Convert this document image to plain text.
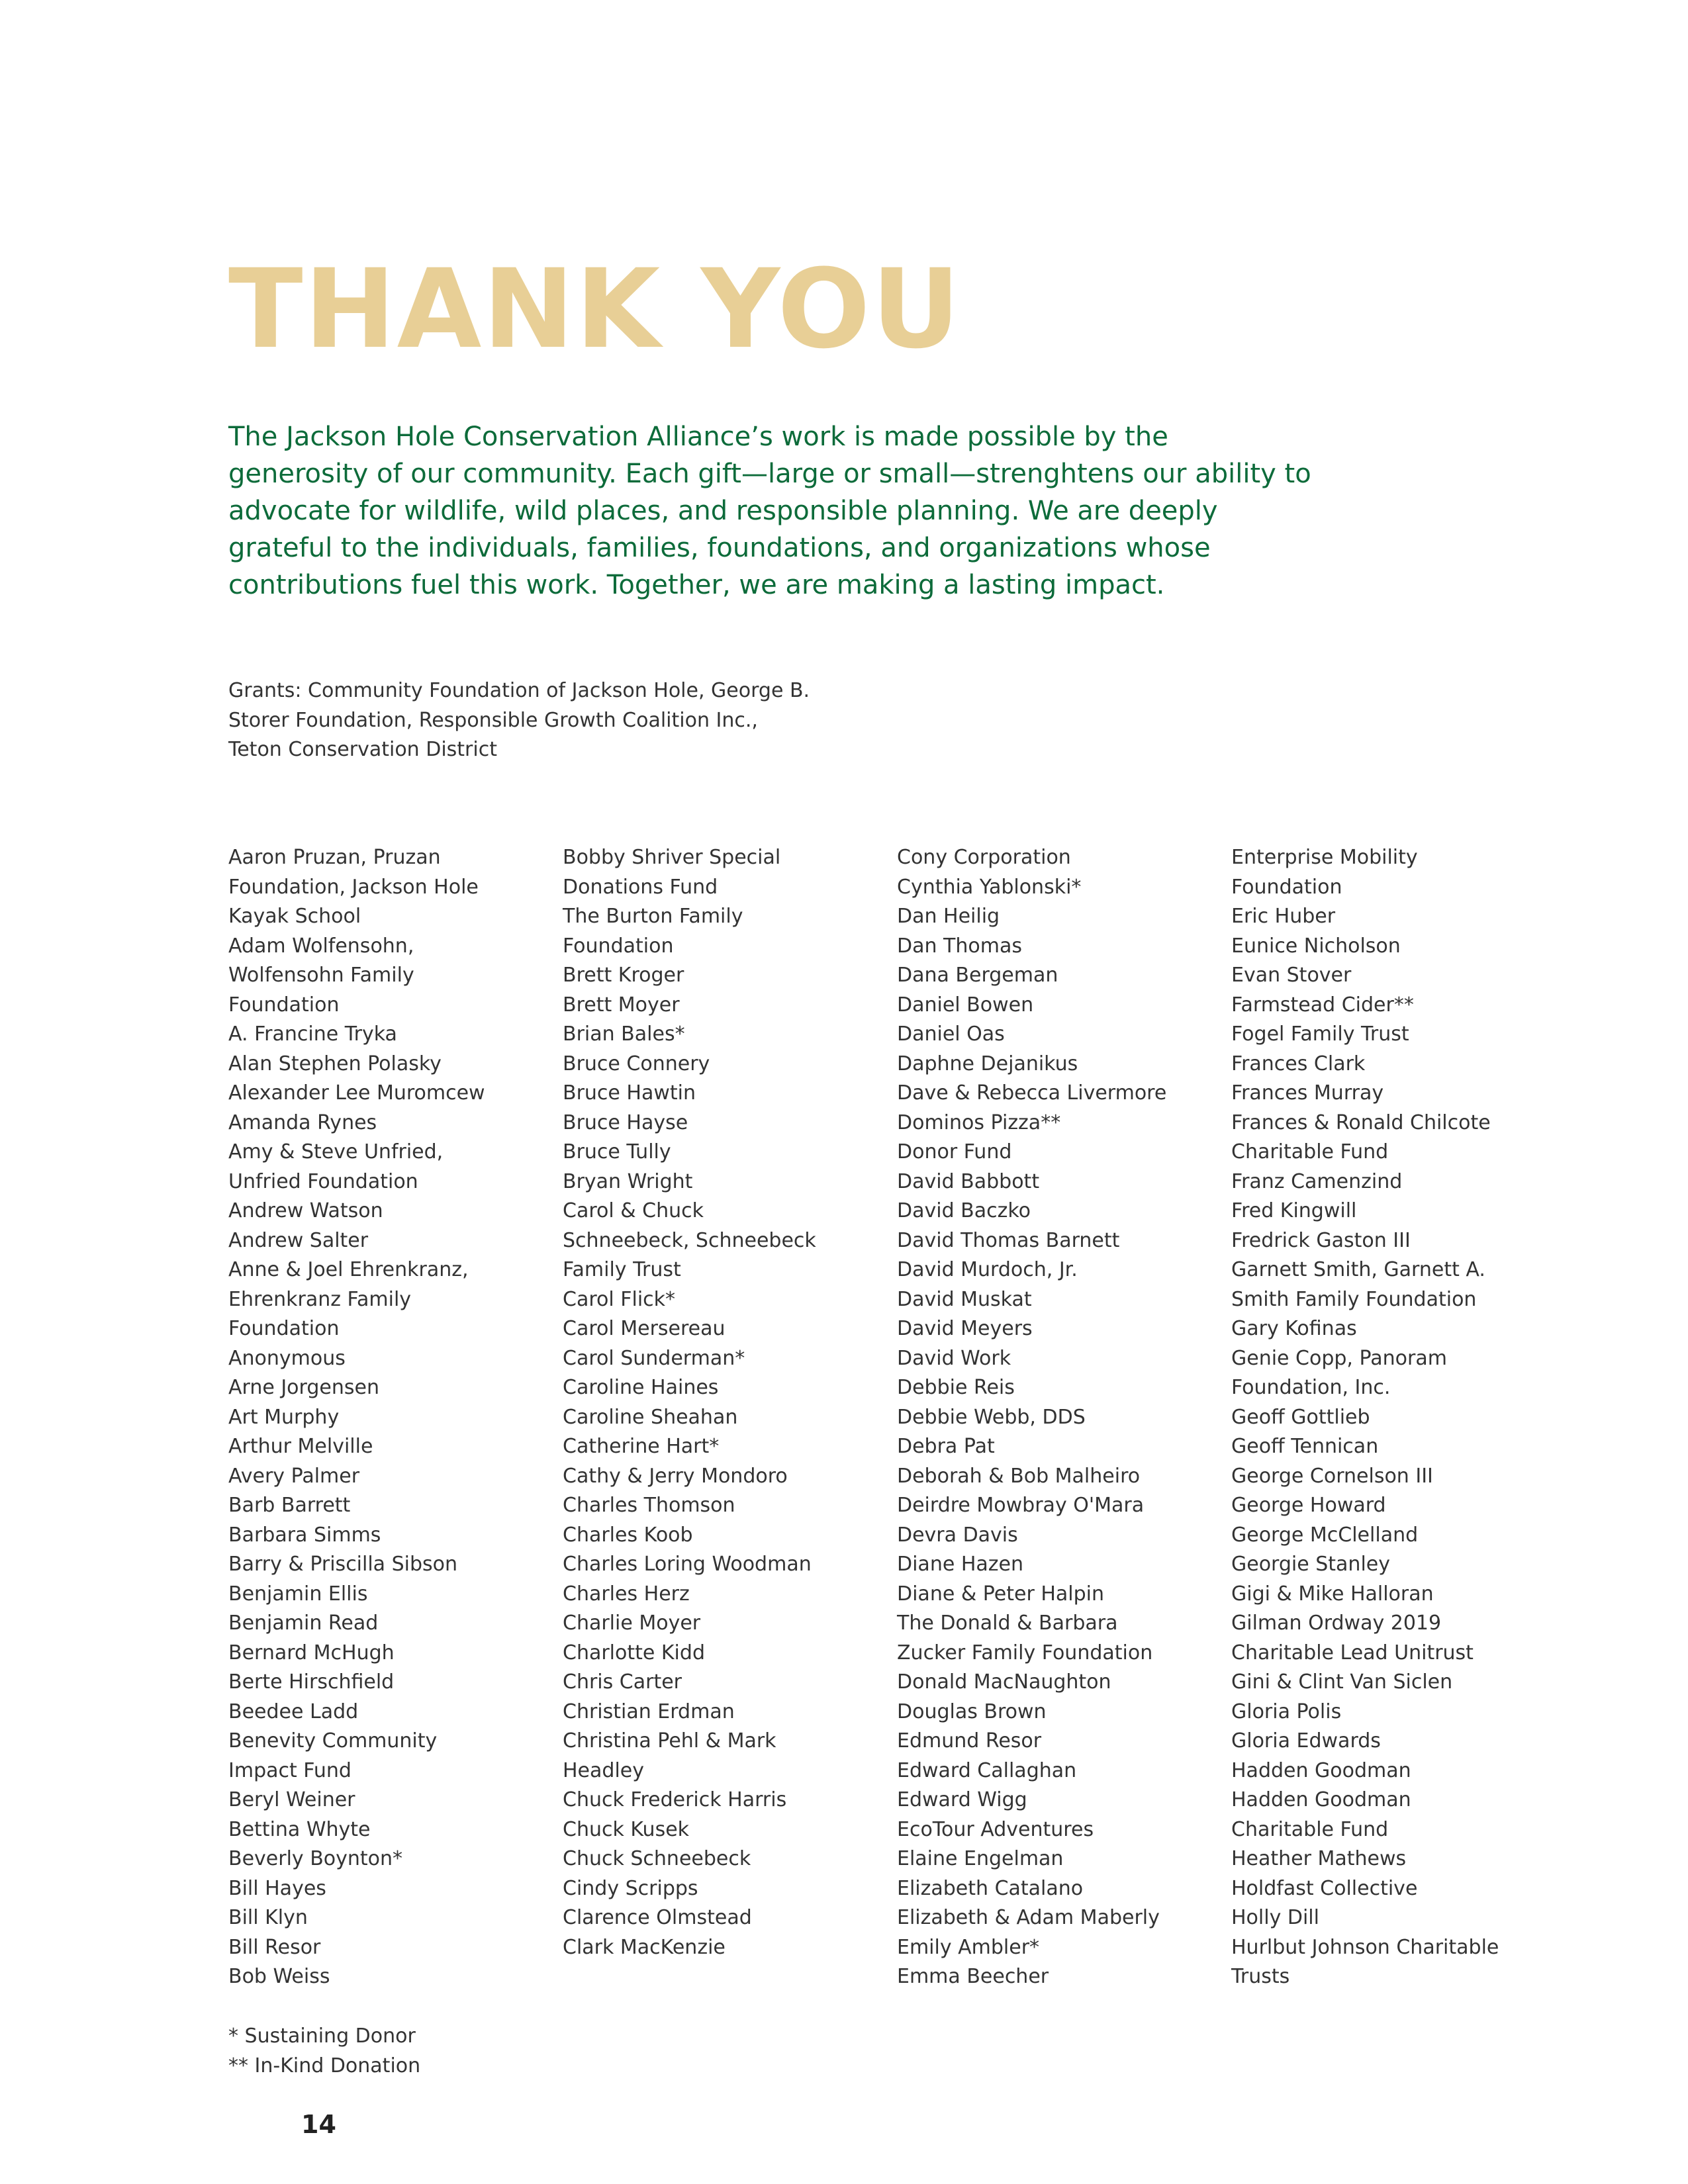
THANK YOU

The Jackson Hole Conservation Alliance’s work is made possible by the generosity of our community. Each gift—large or small—strenghtens our ability to advocate for wildlife, wild places, and responsible planning. We are deeply grateful to the individuals, families, foundations, and organizations whose contributions fuel this work. Together, we are making a lasting impact.

Grants: Community Foundation of Jackson Hole, George B.
Storer Foundation, Responsible Growth Coalition Inc.,
Teton Conservation District

Aaron Pruzan, Pruzan
Foundation, Jackson Hole
Kayak School
Adam Wolfensohn,
Wolfensohn Family
Foundation
A. Francine Tryka
Alan Stephen Polasky
Alexander Lee Muromcew
Amanda Rynes
Amy & Steve Unfried,
Unfried Foundation
Andrew Watson
Andrew Salter
Anne & Joel Ehrenkranz,
Ehrenkranz Family
Foundation
Anonymous
Arne Jorgensen
Art Murphy
Arthur Melville
Avery Palmer
Barb Barrett
Barbara Simms
Barry & Priscilla Sibson
Benjamin Ellis
Benjamin Read
Bernard McHugh
Berte Hirschfield
Beedee Ladd
Benevity Community
Impact Fund
Beryl Weiner
Bettina Whyte
Beverly Boynton*
Bill Hayes
Bill Klyn
Bill Resor
Bob Weiss
Bobby Shriver Special
Donations Fund
The Burton Family
Foundation
Brett Kroger
Brett Moyer
Brian Bales*
Bruce Connery
Bruce Hawtin
Bruce Hayse
Bruce Tully
Bryan Wright
Carol & Chuck
Schneebeck, Schneebeck
Family Trust
Carol Flick*
Carol Mersereau
Carol Sunderman*
Caroline Haines
Caroline Sheahan
Catherine Hart*
Cathy & Jerry Mondoro
Charles Thomson
Charles Koob
Charles Loring Woodman
Charles Herz
Charlie Moyer
Charlotte Kidd
Chris Carter
Christian Erdman
Christina Pehl & Mark
Headley
Chuck Frederick Harris
Chuck Kusek
Chuck Schneebeck
Cindy Scripps
Clarence Olmstead
Clark MacKenzie
Cony Corporation
Cynthia Yablonski*
Dan Heilig
Dan Thomas
Dana Bergeman
Daniel Bowen
Daniel Oas
Daphne Dejanikus
Dave & Rebecca Livermore
Dominos Pizza**
Donor Fund
David Babbott
David Baczko
David Thomas Barnett
David Murdoch, Jr.
David Muskat
David Meyers
David Work
Debbie Reis
Debbie Webb, DDS
Debra Pat
Deborah & Bob Malheiro
Deirdre Mowbray O'Mara
Devra Davis
Diane Hazen
Diane & Peter Halpin
The Donald & Barbara
Zucker Family Foundation
Donald MacNaughton
Douglas Brown
Edmund Resor
Edward Callaghan
Edward Wigg
EcoTour Adventures
Elaine Engelman
Elizabeth Catalano
Elizabeth & Adam Maberly
Emily Ambler*
Emma Beecher
Enterprise Mobility
Foundation
Eric Huber
Eunice Nicholson
Evan Stover
Farmstead Cider**
Fogel Family Trust
Frances Clark
Frances Murray
Frances & Ronald Chilcote
Charitable Fund
Franz Camenzind
Fred Kingwill
Fredrick Gaston III
Garnett Smith, Garnett A.
Smith Family Foundation
Gary Kofinas
Genie Copp, Panoram
Foundation, Inc.
Geoff Gottlieb
Geoff Tennican
George Cornelson III
George Howard
George McClelland
Georgie Stanley
Gigi & Mike Halloran
Gilman Ordway 2019
Charitable Lead Unitrust
Gini & Clint Van Siclen
Gloria Polis
Gloria Edwards
Hadden Goodman
Hadden Goodman
Charitable Fund
Heather Mathews
Holdfast Collective
Holly Dill
Hurlbut Johnson Charitable
Trusts
* Sustaining Donor
** In-Kind Donation

14
